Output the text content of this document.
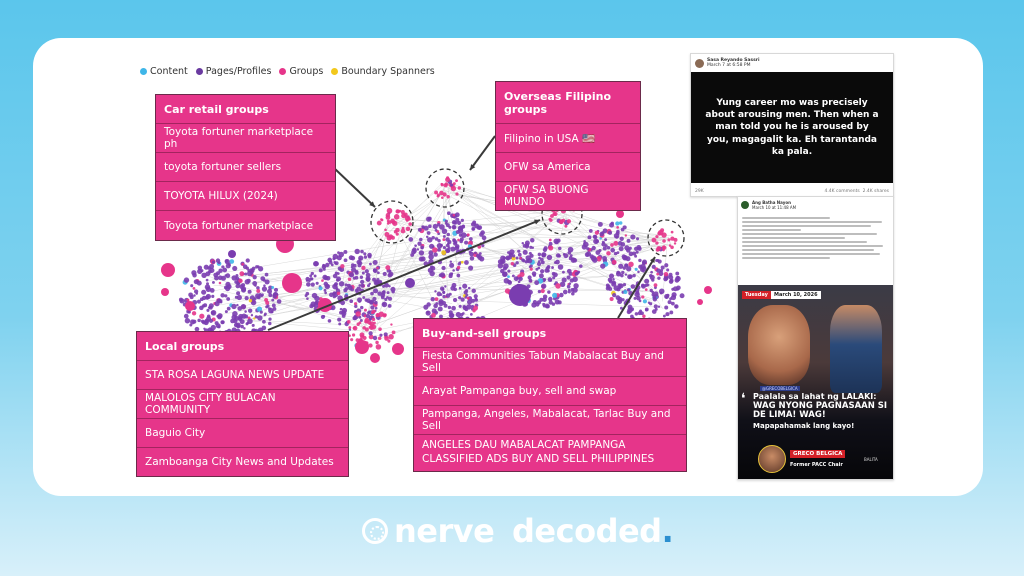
Content Pages/Profiles Groups Boundary Spanners
Car retail groups
Toyota fortuner marketplace ph
toyota fortuner sellers
TOYOTA HILUX (2024)
Toyota fortuner marketplace
Overseas Filipino groups
Filipino in USA 🇺🇸
OFW sa America
OFW SA BUONG MUNDO
Local groups
STA ROSA LAGUNA NEWS UPDATE
MALOLOS CITY BULACAN COMMUNITY
Baguio City
Zamboanga City News and Updates
Buy-and-sell groups
Fiesta Communities Tabun Mabalacat Buy and Sell
Arayat Pampanga buy, sell and swap
Pampanga, Angeles, Mabalacat, Tarlac Buy and Sell
ANGELES DAU MABALACAT PAMPANGA CLASSIFIED ADS BUY AND SELL PHILIPPINES
Sasa Reyando Sassri
March 7 at 6:58 PM
Yung career mo was precisely about arousing men. Then when a man told you he is aroused by you, magagalit ka. Eh tarantanda ka pala.
29K	4.4K comments 2.4K shares
Ang Batha Nayon
March 10 at 11:48 AM
Tuesday	March 10, 2026
@GRECOBELGICA
❛ Paalala sa lahat ng LALAKI:
WAG NYONG PAGNASAAN SI DE LIMA! WAG!
Mapapahamak lang kayo!
GRECO BELGICA
Former PACC Chair
BALITA
nerve decoded.
